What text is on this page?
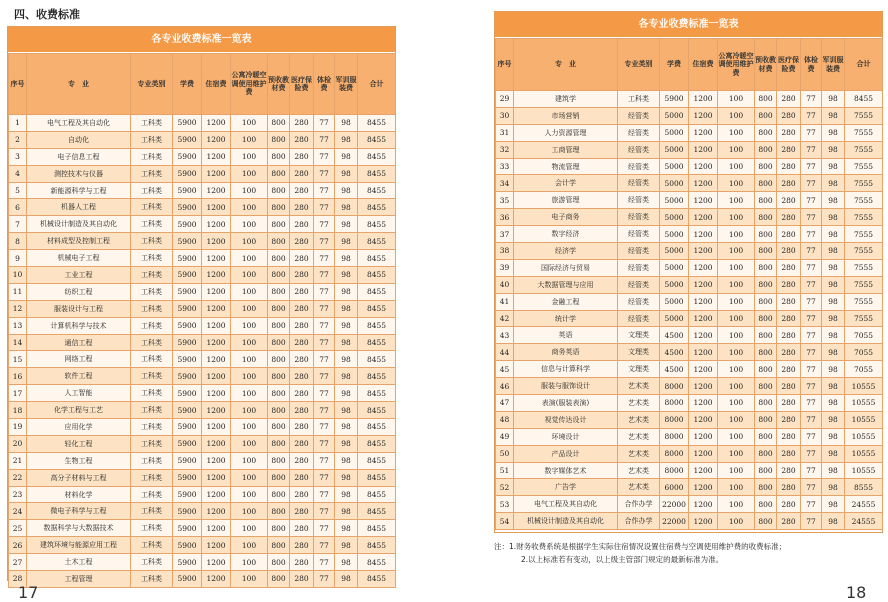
四、收费标准
各专业收费标准一览表
序号	专　业	专业类别	学费	住宿费	公寓冷暖空调使用维护费	预收教材费	医疗保险费	体检费	军训服装费	合计
1	电气工程及其自动化	工科类	5900	1200	100	800	280	77	98	8455
2	自动化	工科类	5900	1200	100	800	280	77	98	8455
3	电子信息工程	工科类	5900	1200	100	800	280	77	98	8455
4	测控技术与仪器	工科类	5900	1200	100	800	280	77	98	8455
5	新能源科学与工程	工科类	5900	1200	100	800	280	77	98	8455
6	机器人工程	工科类	5900	1200	100	800	280	77	98	8455
7	机械设计制造及其自动化	工科类	5900	1200	100	800	280	77	98	8455
8	材料成型及控制工程	工科类	5900	1200	100	800	280	77	98	8455
9	机械电子工程	工科类	5900	1200	100	800	280	77	98	8455
10	工业工程	工科类	5900	1200	100	800	280	77	98	8455
11	纺织工程	工科类	5900	1200	100	800	280	77	98	8455
12	服装设计与工程	工科类	5900	1200	100	800	280	77	98	8455
13	计算机科学与技术	工科类	5900	1200	100	800	280	77	98	8455
14	通信工程	工科类	5900	1200	100	800	280	77	98	8455
15	网络工程	工科类	5900	1200	100	800	280	77	98	8455
16	软件工程	工科类	5900	1200	100	800	280	77	98	8455
17	人工智能	工科类	5900	1200	100	800	280	77	98	8455
18	化学工程与工艺	工科类	5900	1200	100	800	280	77	98	8455
19	应用化学	工科类	5900	1200	100	800	280	77	98	8455
20	轻化工程	工科类	5900	1200	100	800	280	77	98	8455
21	生物工程	工科类	5900	1200	100	800	280	77	98	8455
22	高分子材料与工程	工科类	5900	1200	100	800	280	77	98	8455
23	材料化学	工科类	5900	1200	100	800	280	77	98	8455
24	微电子科学与工程	工科类	5900	1200	100	800	280	77	98	8455
25	数据科学与大数据技术	工科类	5900	1200	100	800	280	77	98	8455
26	建筑环境与能源应用工程	工科类	5900	1200	100	800	280	77	98	8455
27	土木工程	工科类	5900	1200	100	800	280	77	98	8455
28	工程管理	工科类	5900	1200	100	800	280	77	98	8455
各专业收费标准一览表
序号	专　业	专业类别	学费	住宿费	公寓冷暖空调使用维护费	预收教材费	医疗保险费	体检费	军训服装费	合计
29	建筑学	工科类	5900	1200	100	800	280	77	98	8455
30	市场营销	经管类	5000	1200	100	800	280	77	98	7555
31	人力资源管理	经管类	5000	1200	100	800	280	77	98	7555
32	工商管理	经管类	5000	1200	100	800	280	77	98	7555
33	物流管理	经管类	5000	1200	100	800	280	77	98	7555
34	会计学	经管类	5000	1200	100	800	280	77	98	7555
35	旅游管理	经管类	5000	1200	100	800	280	77	98	7555
36	电子商务	经管类	5000	1200	100	800	280	77	98	7555
37	数字经济	经管类	5000	1200	100	800	280	77	98	7555
38	经济学	经管类	5000	1200	100	800	280	77	98	7555
39	国际经济与贸易	经管类	5000	1200	100	800	280	77	98	7555
40	大数据管理与应用	经管类	5000	1200	100	800	280	77	98	7555
41	金融工程	经管类	5000	1200	100	800	280	77	98	7555
42	统计学	经管类	5000	1200	100	800	280	77	98	7555
43	英语	文理类	4500	1200	100	800	280	77	98	7055
44	商务英语	文理类	4500	1200	100	800	280	77	98	7055
45	信息与计算科学	文理类	4500	1200	100	800	280	77	98	7055
46	服装与服饰设计	艺术类	8000	1200	100	800	280	77	98	10555
47	表演(服装表演)	艺术类	8000	1200	100	800	280	77	98	10555
48	视觉传达设计	艺术类	8000	1200	100	800	280	77	98	10555
49	环境设计	艺术类	8000	1200	100	800	280	77	98	10555
50	产品设计	艺术类	8000	1200	100	800	280	77	98	10555
51	数字媒体艺术	艺术类	8000	1200	100	800	280	77	98	10555
52	广告学	艺术类	6000	1200	100	800	280	77	98	8555
53	电气工程及其自动化	合作办学	22000	1200	100	800	280	77	98	24555
54	机械设计制造及其自动化	合作办学	22000	1200	100	800	280	77	98	24555
注：1.财务收费系统是根据学生实际住宿情况设置住宿费与空调使用维护费的收费标准；
2.以上标准若有变动，以上级主管部门规定的最新标准为准。
17	18
